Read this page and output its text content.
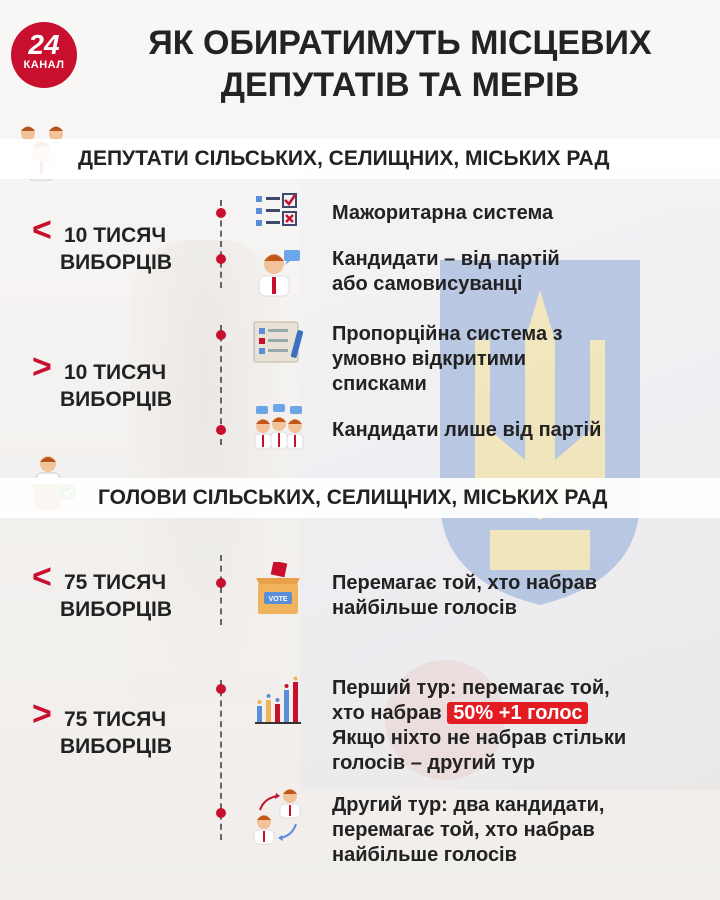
24
КАНАЛ
ЯК ОБИРАТИМУТЬ МІСЦЕВИХ
ДЕПУТАТІВ ТА МЕРІВ
ДЕПУТАТИ СІЛЬСЬКИХ, СЕЛИЩНИХ, МІСЬКИХ РАД
< 10 ТИСЯЧ
ВИБОРЦІВ
Мажоритарна система
Кандидати – від партій
або самовисуванці
> 10 ТИСЯЧ
ВИБОРЦІВ
Пропорційна система з
умовно відкритими
списками
Кандидати лише від партій
ГОЛОВИ СІЛЬСЬКИХ, СЕЛИЩНИХ, МІСЬКИХ РАД
< 75 ТИСЯЧ
ВИБОРЦІВ	VOTE
Перемагає той, хто набрав
найбільше голосів
> 75 ТИСЯЧ
ВИБОРЦІВ
Перший тур: перемагає той,
хто набрав 50% +1 голос
Якщо ніхто не набрав стільки
голосів – другий тур
Другий тур: два кандидати,
перемагає той, хто набрав
найбільше голосів
